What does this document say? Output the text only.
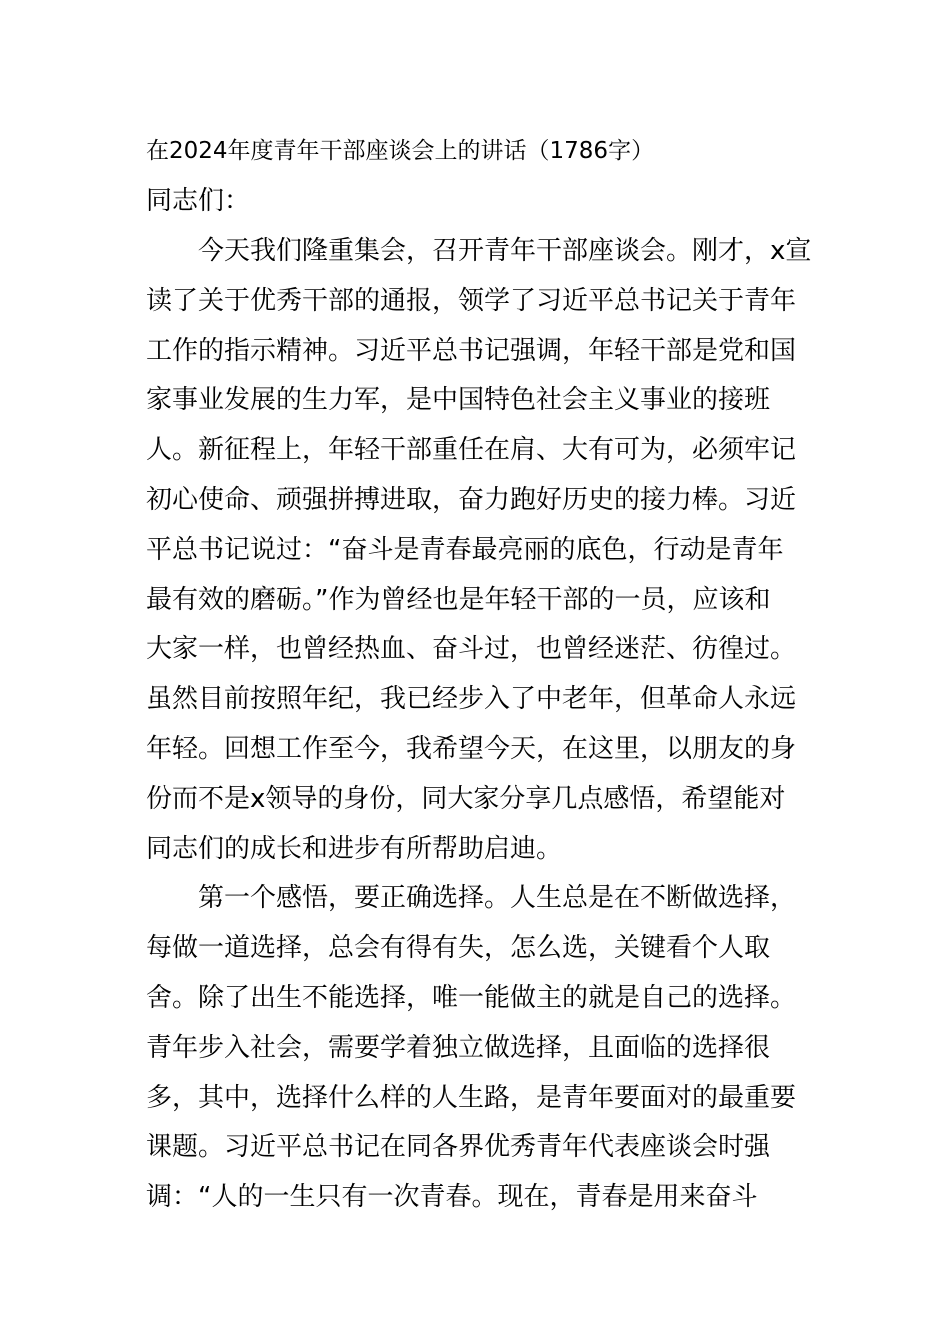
在2024年度青年干部座谈会上的讲话（1786字）
同志们：
今天我们隆重集会，召开青年干部座谈会。刚才，x宣
读了关于优秀干部的通报，领学了习近平总书记关于青年
工作的指示精神。习近平总书记强调，年轻干部是党和国
家事业发展的生力军，是中国特色社会主义事业的接班
人。新征程上，年轻干部重任在肩、大有可为，必须牢记
初心使命、顽强拼搏进取，奋力跑好历史的接力棒。习近
平总书记说过：“奋斗是青春最亮丽的底色，行动是青年
最有效的磨砺。”作为曾经也是年轻干部的一员，应该和
大家一样，也曾经热血、奋斗过，也曾经迷茫、彷徨过。
虽然目前按照年纪，我已经步入了中老年，但革命人永远
年轻。回想工作至今，我希望今天，在这里，以朋友的身
份而不是x领导的身份，同大家分享几点感悟，希望能对
同志们的成长和进步有所帮助启迪。
第一个感悟，要正确选择。人生总是在不断做选择，
每做一道选择，总会有得有失，怎么选，关键看个人取
舍。除了出生不能选择，唯一能做主的就是自己的选择。
青年步入社会，需要学着独立做选择，且面临的选择很
多，其中，选择什么样的人生路，是青年要面对的最重要
课题。习近平总书记在同各界优秀青年代表座谈会时强
调：“人的一生只有一次青春。现在，青春是用来奋斗
